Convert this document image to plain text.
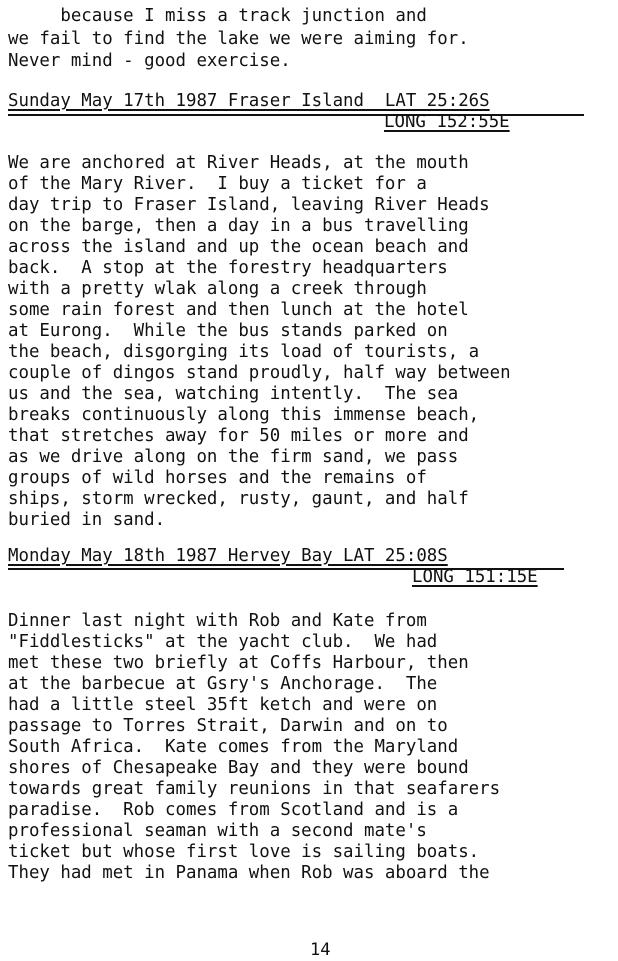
because I miss a track junction and
we fail to find the lake we were aiming for.
Never mind - good exercise.
Sunday May 17th 1987 Fraser Island  LAT 25:26S
LONG 152:55E
We are anchored at River Heads, at the mouth
of the Mary River.  I buy a ticket for a
day trip to Fraser Island, leaving River Heads
on the barge, then a day in a bus travelling
across the island and up the ocean beach and
back.  A stop at the forestry headquarters
with a pretty wlak along a creek through
some rain forest and then lunch at the hotel
at Eurong.  While the bus stands parked on
the beach, disgorging its load of tourists, a
couple of dingos stand proudly, half way between
us and the sea, watching intently.  The sea
breaks continuously along this immense beach,
that stretches away for 50 miles or more and
as we drive along on the firm sand, we pass
groups of wild horses and the remains of
ships, storm wrecked, rusty, gaunt, and half
buried in sand.
Monday May 18th 1987 Hervey Bay LAT 25:08S
LONG 151:15E
Dinner last night with Rob and Kate from
"Fiddlesticks" at the yacht club.  We had
met these two briefly at Coffs Harbour, then
at the barbecue at Gsry's Anchorage.  The
had a little steel 35ft ketch and were on
passage to Torres Strait, Darwin and on to
South Africa.  Kate comes from the Maryland
shores of Chesapeake Bay and they were bound
towards great family reunions in that seafarers
paradise.  Rob comes from Scotland and is a
professional seaman with a second mate's
ticket but whose first love is sailing boats.
They had met in Panama when Rob was aboard the
14
